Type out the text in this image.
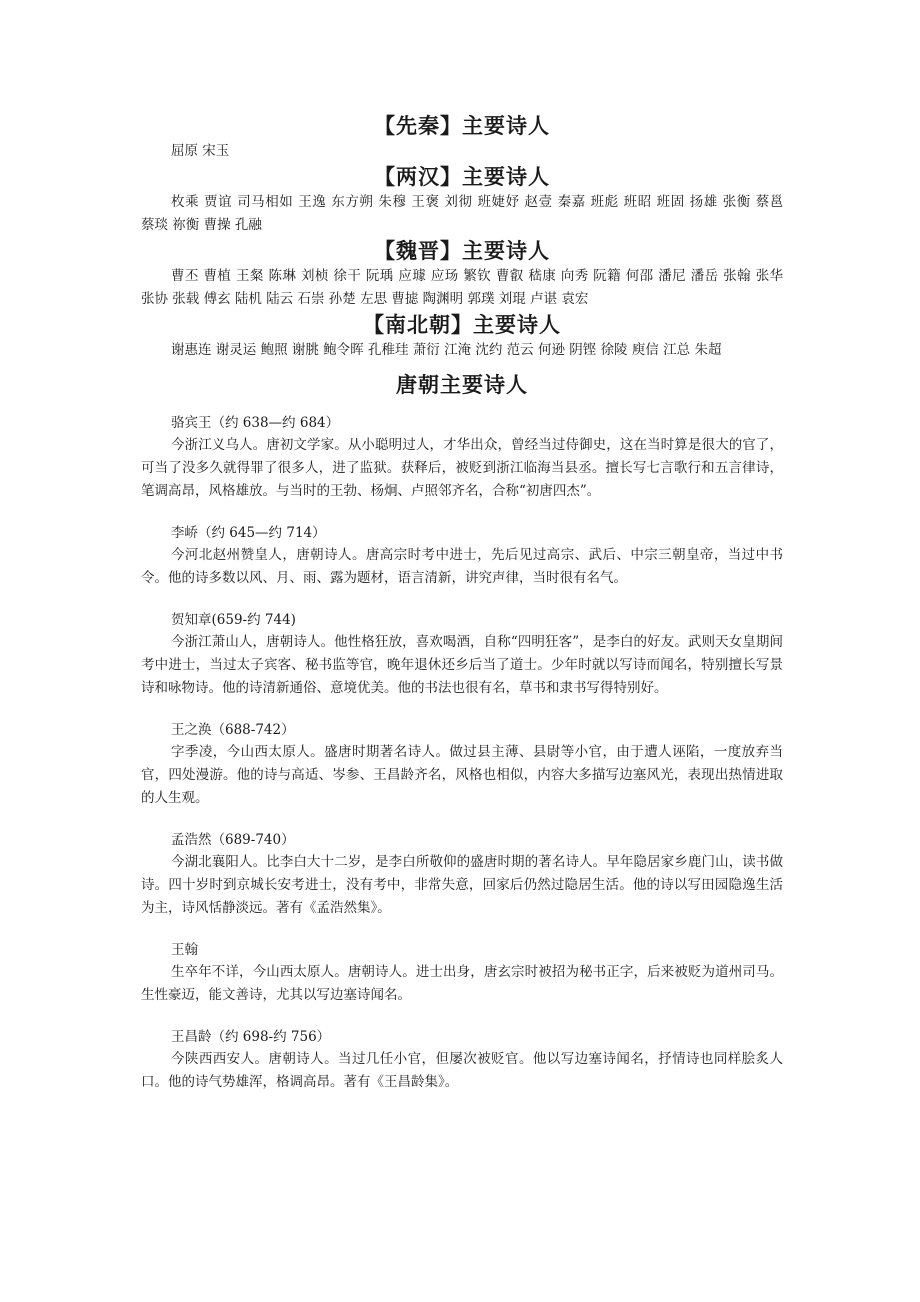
【先秦】主要诗人

屈原 宋玉

【两汉】主要诗人

枚乘 贾谊 司马相如 王逸 东方朔 朱穆 王褒 刘彻 班婕妤 赵壹 秦嘉 班彪 班昭 班固 扬雄 张衡 蔡邕 蔡琰 祢衡 曹操 孔融

【魏晋】主要诗人

曹丕 曹植 王粲 陈琳 刘桢 徐干 阮瑀 应璩 应玚 繁钦 曹叡 嵇康 向秀 阮籍 何邵 潘尼 潘岳 张翰 张华 张协 张载 傅玄 陆机 陆云 石崇 孙楚 左思 曹摅 陶渊明 郭璞 刘琨 卢谌 袁宏

【南北朝】主要诗人

谢惠连 谢灵运 鲍照 谢朓 鲍令晖 孔稚珪 萧衍 江淹 沈约 范云 何逊 阴铿 徐陵 庾信 江总 朱超

唐朝主要诗人

骆宾王（约 638—约 684）

今浙江义乌人。唐初文学家。从小聪明过人，才华出众，曾经当过侍御史，这在当时算是很大的官了，可当了没多久就得罪了很多人，进了监狱。获释后，被贬到浙江临海当县丞。擅长写七言歌行和五言律诗，笔调高昂，风格雄放。与当时的王勃、杨炯、卢照邻齐名，合称“初唐四杰”。

李峤（约 645—约 714）

今河北赵州赞皇人，唐朝诗人。唐高宗时考中进士，先后见过高宗、武后、中宗三朝皇帝，当过中书令。他的诗多数以风、月、雨、露为题材，语言清新，讲究声律，当时很有名气。

贺知章(659-约 744)

今浙江萧山人，唐朝诗人。他性格狂放，喜欢喝酒，自称“四明狂客”，是李白的好友。武则天女皇期间考中进士，当过太子宾客、秘书监等官，晚年退休还乡后当了道士。少年时就以写诗而闻名，特别擅长写景诗和咏物诗。他的诗清新通俗、意境优美。他的书法也很有名，草书和隶书写得特别好。

王之涣（688-742）

字季凌，今山西太原人。盛唐时期著名诗人。做过县主薄、县尉等小官，由于遭人诬陷，一度放弃当官，四处漫游。他的诗与高适、岑参、王昌龄齐名，风格也相似，内容大多描写边塞风光，表现出热情进取的人生观。

孟浩然（689-740）

今湖北襄阳人。比李白大十二岁，是李白所敬仰的盛唐时期的著名诗人。早年隐居家乡鹿门山，读书做诗。四十岁时到京城长安考进士，没有考中，非常失意，回家后仍然过隐居生活。他的诗以写田园隐逸生活为主，诗风恬静淡远。著有《孟浩然集》。

王翰

生卒年不详，今山西太原人。唐朝诗人。进士出身，唐玄宗时被招为秘书正字，后来被贬为道州司马。生性豪迈，能文善诗，尤其以写边塞诗闻名。

王昌龄（约 698-约 756）

今陕西西安人。唐朝诗人。当过几任小官，但屡次被贬官。他以写边塞诗闻名，抒情诗也同样脍炙人口。他的诗气势雄浑，格调高昂。著有《王昌龄集》。
